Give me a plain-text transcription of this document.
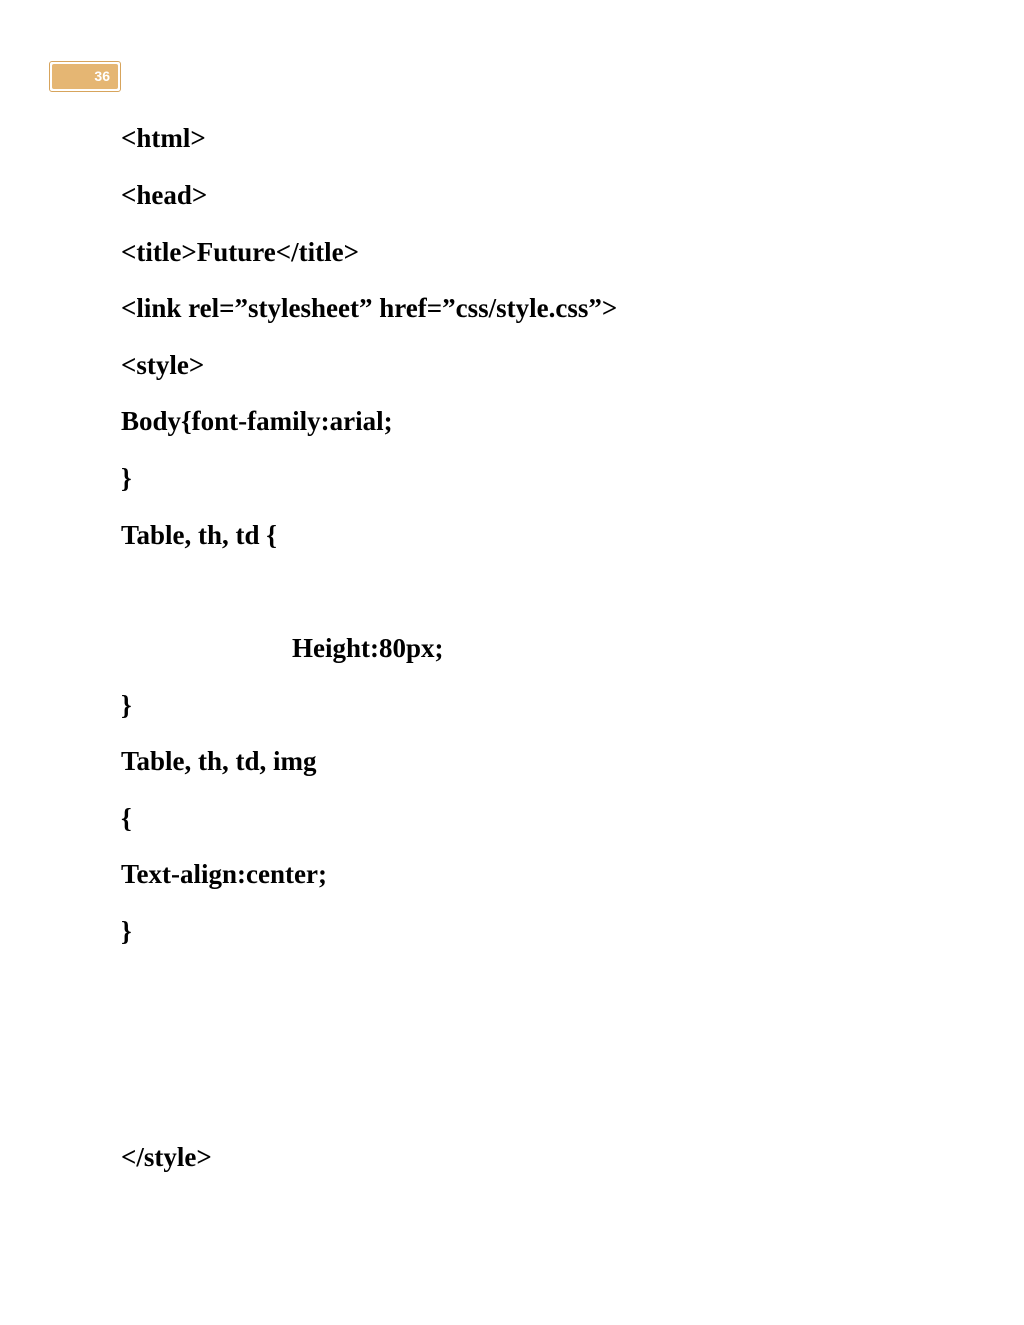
36
<html>
<head>
<title>Future</title>
<link rel=”stylesheet” href=”css/style.css”>
<style>
Body{font-family:arial;
}
Table, th, td {
Height:80px;
}
Table, th, td, img
{
Text-align:center;
}
</style>
